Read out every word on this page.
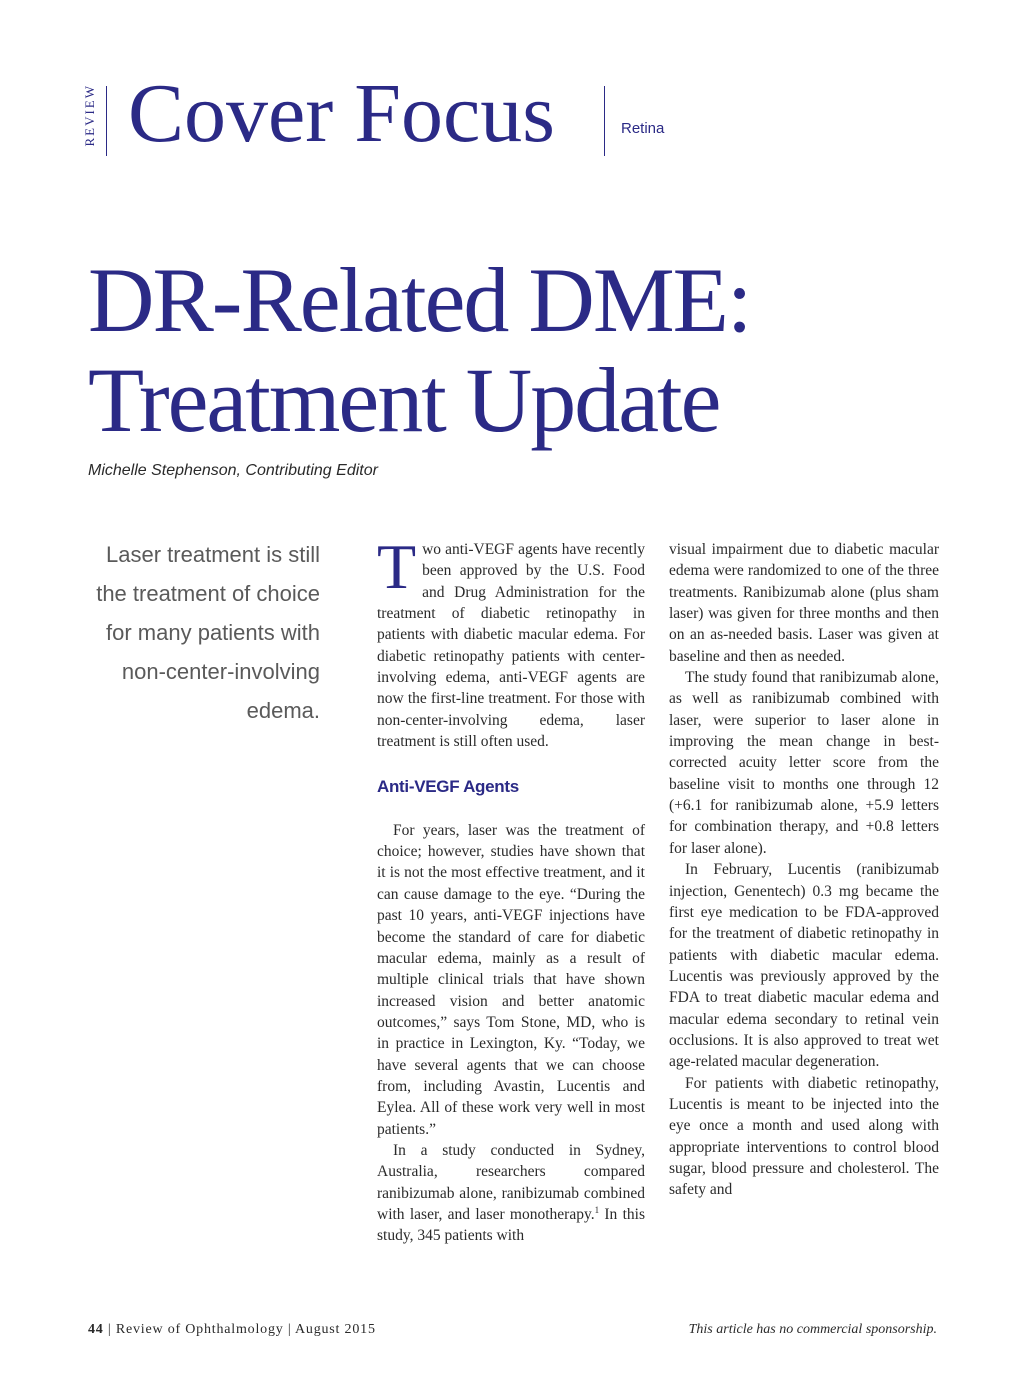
REVIEW Cover Focus	Retina
DR-Related DME:
Treatment Update
Michelle Stephenson, Contributing Editor
Laser treatment is still the treatment of choice for many patients with non-center-involving edema.

Two anti-VEGF agents have recently been approved by the U.S. Food and Drug Administration for the treatment of diabetic retinopathy in patients with diabetic macular edema. For diabetic retinopathy patients with center-involving edema, anti-VEGF agents are now the first-line treatment. For those with non-center-involving edema, laser treatment is still often used.

Anti-VEGF Agents

For years, laser was the treatment of choice; however, studies have shown that it is not the most effective treatment, and it can cause damage to the eye. “During the past 10 years, anti-VEGF injections have become the standard of care for diabetic macular edema, mainly as a result of multiple clinical trials that have shown increased vision and better anatomic outcomes,” says Tom Stone, MD, who is in practice in Lexington, Ky. “Today, we have several agents that we can choose from, including Avastin, Lucentis and Eylea. All of these work very well in most patients.”

In a study conducted in Sydney, Australia, researchers compared ranibizumab alone, ranibizumab combined with laser, and laser monotherapy.$^1$ In this study, 345 patients with

visual impairment due to diabetic macular edema were randomized to one of the three treatments. Ranibizumab alone (plus sham laser) was given for three months and then on an as-needed basis. Laser was given at baseline and then as needed.

The study found that ranibizumab alone, as well as ranibizumab combined with laser, were superior to laser alone in improving the mean change in best-corrected acuity letter score from the baseline visit to months one through 12 (+6.1 for ranibizumab alone, +5.9 letters for combination therapy, and +0.8 letters for laser alone).

In February, Lucentis (ranibizumab injection, Genentech) 0.3 mg became the first eye medication to be FDA-approved for the treatment of diabetic retinopathy in patients with diabetic macular edema. Lucentis was previously approved by the FDA to treat diabetic macular edema and macular edema secondary to retinal vein occlusions. It is also approved to treat wet age-related macular degeneration.

For patients with diabetic retinopathy, Lucentis is meant to be injected into the eye once a month and used along with appropriate interventions to control blood sugar, blood pressure and cholesterol. The safety and

44 | Review of Ophthalmology | August 2015	This article has no commercial sponsorship.
